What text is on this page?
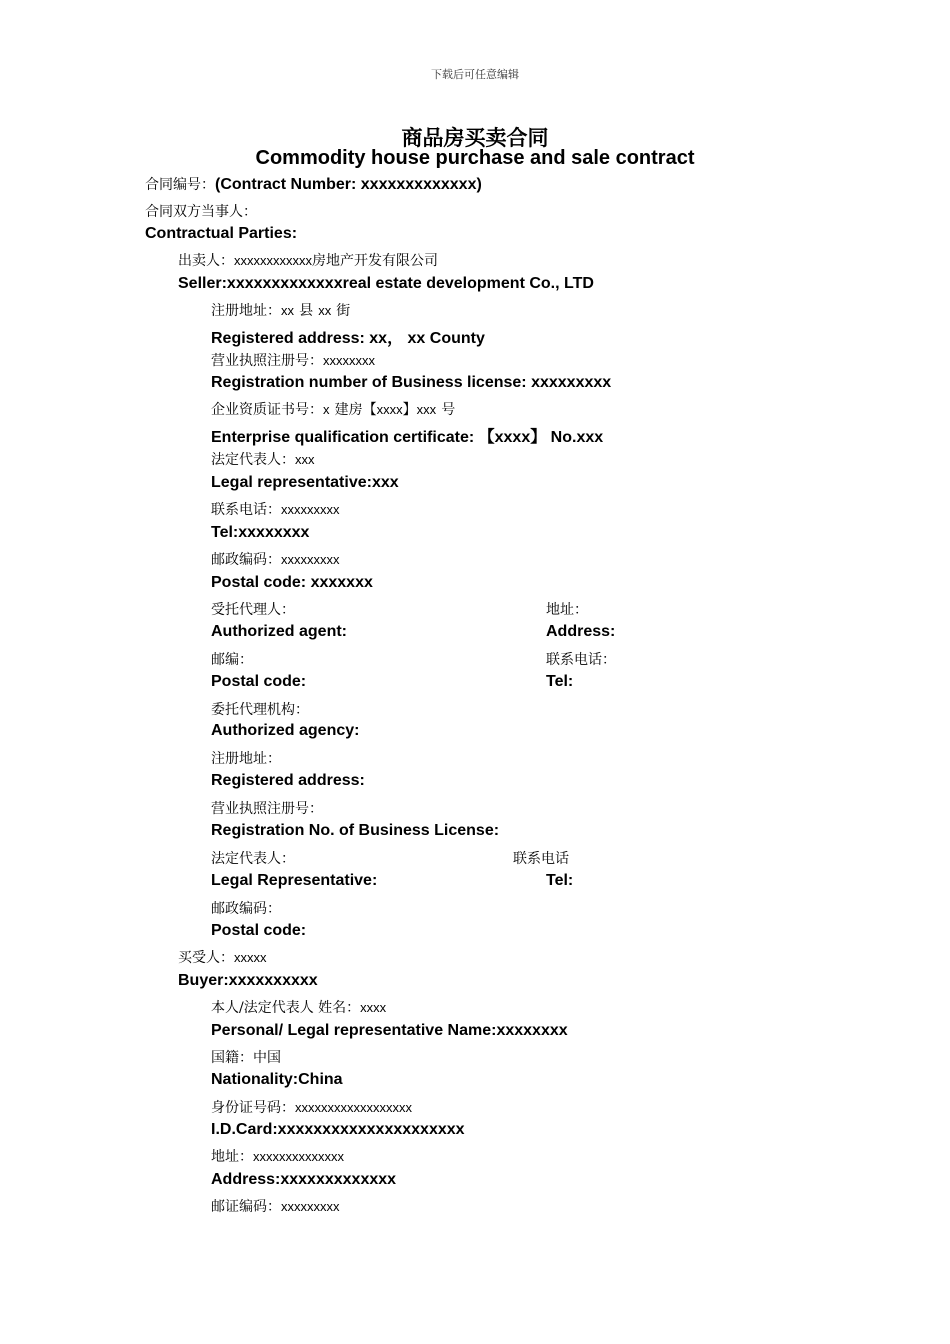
下载后可任意编辑
商品房买卖合同
Commodity house purchase and sale contract
合同编号：(Contract Number: xxxxxxxxxxxxx)
合同双方当事人：
Contractual Parties:
出卖人：xxxxxxxxxxxx房地产开发有限公司
Seller:xxxxxxxxxxxxxreal estate development Co., LTD
注册地址：xx 县 xx 街
Registered address: xx， xx County
营业执照注册号：xxxxxxxx
Registration number of Business license: xxxxxxxxx
企业资质证书号：x 建房【xxxx】xxx 号
Enterprise qualification certificate: 【xxxx】 No.xxx
法定代表人：xxx
Legal representative:xxx
联系电话：xxxxxxxxx
Tel:xxxxxxxx
邮政编码：xxxxxxxxx
Postal code: xxxxxxx
受托代理人：	地址：
Authorized agent:	Address:
邮编：	联系电话：
Postal code:	Tel:
委托代理机构：
Authorized agency:
注册地址：
Registered address:
营业执照注册号：
Registration No. of Business License:
法定代表人：	联系电话
Legal Representative:	Tel:
邮政编码：
Postal code:
买受人：xxxxx
Buyer:xxxxxxxxxx
本人/法定代表人 姓名：xxxx
Personal/ Legal representative Name:xxxxxxxx
国籍：中国
Nationality:China
身份证号码：xxxxxxxxxxxxxxxxxx
I.D.Card:xxxxxxxxxxxxxxxxxxxxx
地址：xxxxxxxxxxxxxx
Address:xxxxxxxxxxxxx
邮证编码：xxxxxxxxx
